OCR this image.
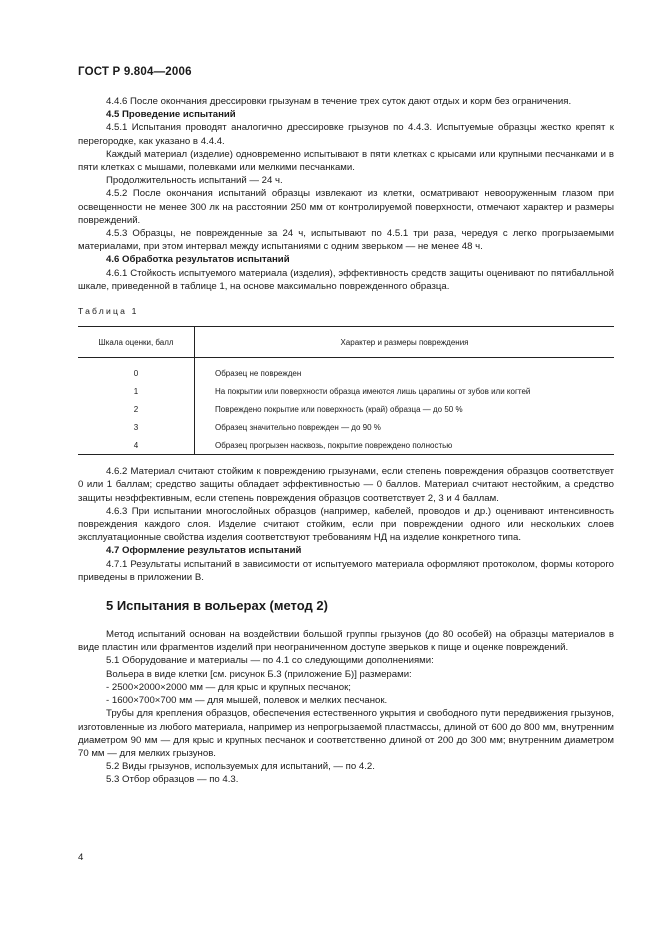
ГОСТ Р 9.804—2006

4.4.6 После окончания дрессировки грызунам в течение трех суток дают отдых и корм без ограничения.

4.5 Проведение испытаний

4.5.1 Испытания проводят аналогично дрессировке грызунов по 4.4.3. Испытуемые образцы жестко крепят к перегородке, как указано в 4.4.4.

Каждый материал (изделие) одновременно испытывают в пяти клетках с крысами или крупными песчанками и в пяти клетках с мышами, полевками или мелкими песчанками.

Продолжительность испытаний — 24 ч.

4.5.2 После окончания испытаний образцы извлекают из клетки, осматривают невооруженным глазом при освещенности не менее 300 лк на расстоянии 250 мм от контролируемой поверхности, отмечают характер и размеры повреждений.

4.5.3 Образцы, не поврежденные за 24 ч, испытывают по 4.5.1 три раза, чередуя с легко прогрызаемыми материалами, при этом интервал между испытаниями с одним зверьком — не менее 48 ч.

4.6 Обработка результатов испытаний

4.6.1 Стойкость испытуемого материала (изделия), эффективность средств защиты оценивают по пятибалльной шкале, приведенной в таблице 1, на основе максимально поврежденного образца.

Таблица 1
Шкала оценки, балл	Характер и размеры повреждения
0	Образец не поврежден
1	На покрытии или поверхности образца имеются лишь царапины от зубов или когтей
2	Повреждено покрытие или поверхность (край) образца — до 50 %
3	Образец значительно поврежден — до 90 %
4	Образец прогрызен насквозь, покрытие повреждено полностью

4.6.2 Материал считают стойким к повреждению грызунами, если степень повреждения образцов соответствует 0 или 1 баллам; средство защиты обладает эффективностью — 0 баллов. Материал считают нестойким, а средство защиты неэффективным, если степень повреждения образцов соответствует 2, 3 и 4 баллам.

4.6.3 При испытании многослойных образцов (например, кабелей, проводов и др.) оценивают интенсивность повреждения каждого слоя. Изделие считают стойким, если при повреждении одного или нескольких слоев эксплуатационные свойства изделия соответствуют требованиям НД на изделие конкретного типа.

4.7 Оформление результатов испытаний

4.7.1 Результаты испытаний в зависимости от испытуемого материала оформляют протоколом, формы которого приведены в приложении В.

5 Испытания в вольерах (метод 2)

Метод испытаний основан на воздействии большой группы грызунов (до 80 особей) на образцы материалов в виде пластин или фрагментов изделий при неограниченном доступе зверьков к пище и оценке повреждений.

5.1 Оборудование и материалы — по 4.1 со следующими дополнениями:

Вольера в виде клетки [см. рисунок Б.3 (приложение Б)] размерами:

- 2500×2000×2000 мм — для крыс и крупных песчанок;

- 1600×700×700 мм — для мышей, полевок и мелких песчанок.

Трубы для крепления образцов, обеспечения естественного укрытия и свободного пути передвижения грызунов, изготовленные из любого материала, например из непрогрызаемой пластмассы, длиной от 600 до 800 мм, внутренним диаметром 90 мм — для крыс и крупных песчанок и соответственно длиной от 200 до 300 мм; внутренним диаметром 70 мм — для мелких грызунов.

5.2 Виды грызунов, используемых для испытаний, — по 4.2.

5.3 Отбор образцов — по 4.3.

4
